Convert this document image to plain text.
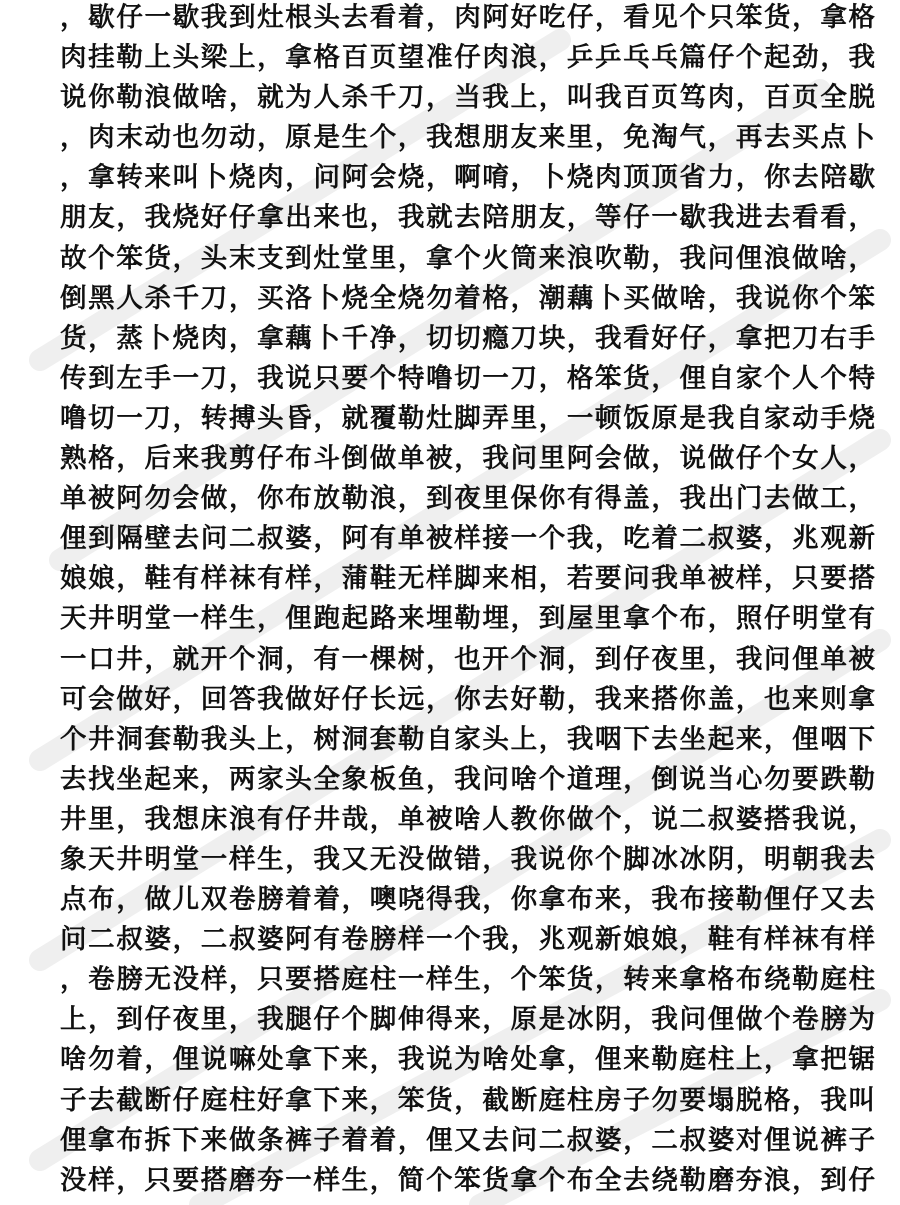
，歇仔一歇我到灶根头去看着，肉阿好吃仔，看见个只笨货，拿格
肉挂勒上头梁上，拿格百页望准仔肉浪，乒乒乓乓篇仔个起劲，我
说你勒浪做啥，就为人杀千刀，当我上，叫我百页笃肉，百页全脱
，肉末动也勿动，原是生个，我想朋友来里，免淘气，再去买点卜
，拿转来叫卜烧肉，问阿会烧，啊唷，卜烧肉顶顶省力，你去陪歇
朋友，我烧好仔拿出来也，我就去陪朋友，等仔一歇我进去看看，
故个笨货，头末支到灶堂里，拿个火筒来浪吹勒，我问俚浪做啥，
倒黑人杀千刀，买洛卜烧全烧勿着格，潮藕卜买做啥，我说你个笨
货，蒸卜烧肉，拿藕卜千净，切切瘾刀块，我看好仔，拿把刀右手
传到左手一刀，我说只要个特噜切一刀，格笨货，俚自家个人个特
噜切一刀，转搏头昏，就覆勒灶脚弄里，一顿饭原是我自家动手烧
熟格，后来我剪仔布斗倒做单被，我问里阿会做，说做仔个女人，
单被阿勿会做，你布放勒浪，到夜里保你有得盖，我出门去做工，
俚到隔壁去问二叔婆，阿有单被样接一个我，吃着二叔婆，兆观新
娘娘，鞋有样袜有样，蒲鞋无样脚来相，若要问我单被样，只要搭
天井明堂一样生，俚跑起路来埋勒埋，到屋里拿个布，照仔明堂有
一口井，就开个洞，有一棵树，也开个洞，到仔夜里，我问俚单被
可会做好，回答我做好仔长远，你去好勒，我来搭你盖，也来则拿
个井洞套勒我头上，树洞套勒自家头上，我咽下去坐起来，俚咽下
去找坐起来，两家头全象板鱼，我问啥个道理，倒说当心勿要跌勒
井里，我想床浪有仔井哉，单被啥人教你做个，说二叔婆搭我说，
象天井明堂一样生，我又无没做错，我说你个脚冰冰阴，明朝我去
点布，做儿双卷膀着着，噢哓得我，你拿布来，我布接勒俚仔又去
问二叔婆，二叔婆阿有卷膀样一个我，兆观新娘娘，鞋有样袜有样
，卷膀无没样，只要搭庭柱一样生，个笨货，转来拿格布绕勒庭柱
上，到仔夜里，我腿仔个脚伸得来，原是冰阴，我问俚做个卷膀为
啥勿着，俚说嘛处拿下来，我说为啥处拿，俚来勒庭柱上，拿把锯
子去截断仔庭柱好拿下来，笨货，截断庭柱房子勿要塌脱格，我叫
俚拿布拆下来做条裤子着着，俚又去问二叔婆，二叔婆对俚说裤子
没样，只要搭磨夯一样生，简个笨货拿个布全去绕勒磨夯浪，到仔
